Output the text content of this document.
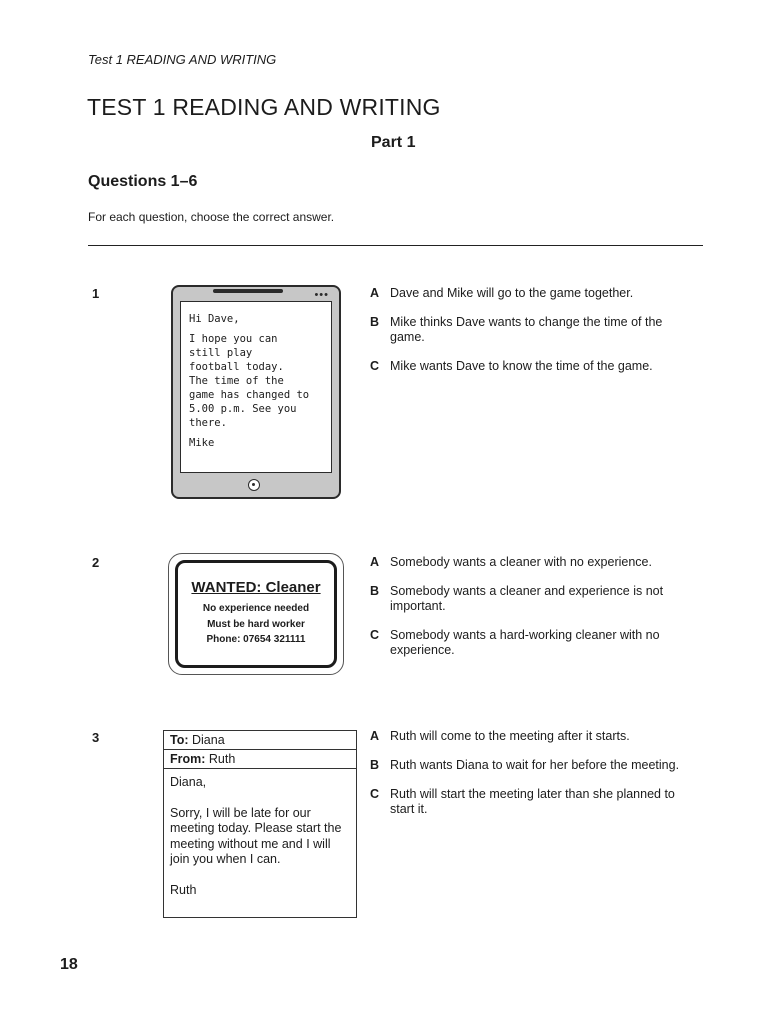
Test 1 READING AND WRITING
TEST 1 READING AND WRITING
Part 1
Questions 1–6
For each question, choose the correct answer.
1	•••
Hi Dave,
I hope you can
still play
football today.
The time of the
game has changed to
5.00 p.m. See you
there.
Mike
A Dave and Mike will go to the game together.
B Mike thinks Dave wants to change the time of the game.
C Mike wants Dave to know the time of the game.
2
WANTED: Cleaner
No experience needed
Must be hard worker
Phone: 07654 321111
A Somebody wants a cleaner with no experience.
B Somebody wants a cleaner and experience is not important.
C Somebody wants a hard-working cleaner with no experience.
3	To: Diana
From: Ruth
Diana,
Sorry, I will be late for our meeting today. Please start the meeting without me and I will join you when I can.
Ruth
A Ruth will come to the meeting after it starts.
B Ruth wants Diana to wait for her before the meeting.
C Ruth will start the meeting later than she planned to start it.
18
